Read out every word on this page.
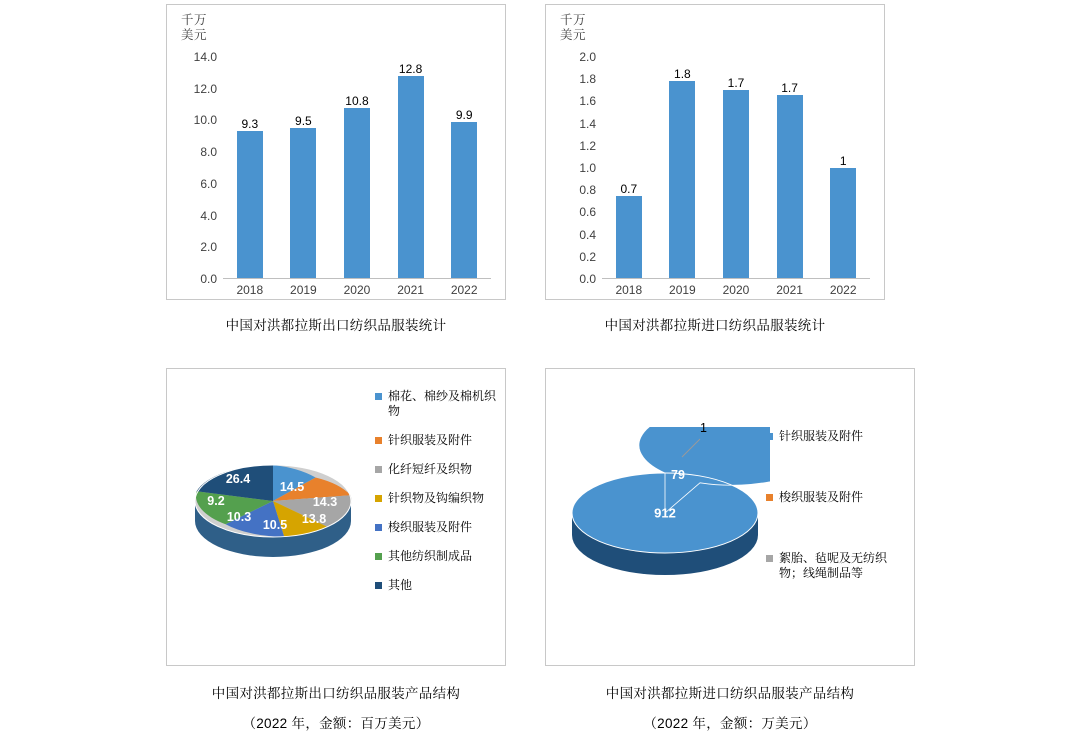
千万
美元
14.0
12.0
10.0
8.0
6.0
4.0
2.0
0.0
9.3	9.5
10.8
12.8
9.9
2018	2019	2020	2021	2022
中国对洪都拉斯出口纺织品服装统计
千万
美元
2.0
1.8
1.6
1.4
1.2
1.0
0.8
0.6
0.4
0.2
0.0
0.7
1.8
1.7	1.7
1
2018	2019	2020	2021	2022
中国对洪都拉斯进口纺织品服装统计
14.5
14.3
13.8
10.5
10.3
9.2
26.4
棉花、棉纱及棉机织物
针织服装及附件
化纤短纤及织物
针织物及钩编织物
梭织服装及附件
其他纺织制成品
其他
中国对洪都拉斯出口纺织品服装产品结构
（2022 年，金额：百万美元）
79
912
1
针织服装及附件
梭织服装及附件
絮胎、毡呢及无纺织物；线绳制品等
中国对洪都拉斯进口纺织品服装产品结构
（2022 年，金额：万美元）
